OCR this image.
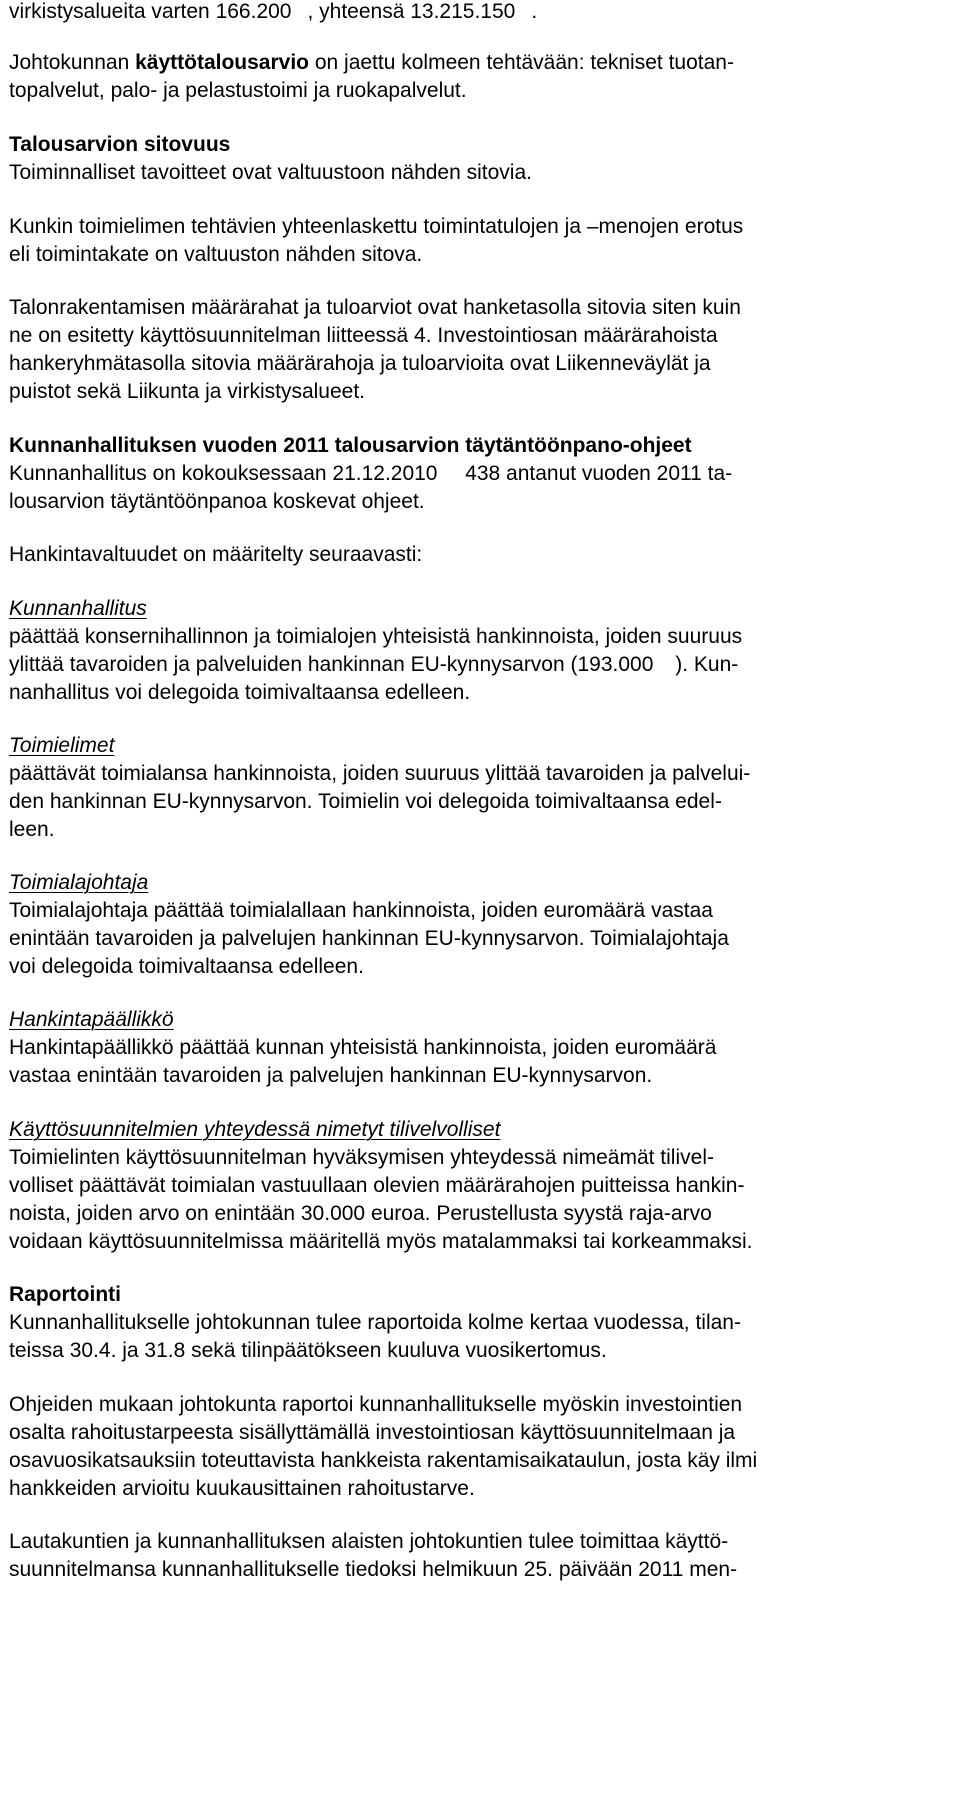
virkistysalueita varten 166.200 , yhteensä 13.215.150 .
Johtokunnan käyttötalousarvio on jaettu kolmeen tehtävään: tekniset tuotan-
topalvelut, palo- ja pelastustoimi ja ruokapalvelut.
Talousarvion sitovuus
Toiminnalliset tavoitteet ovat valtuustoon nähden sitovia.
Kunkin toimielimen tehtävien yhteenlaskettu toimintatulojen ja –menojen erotus
eli toimintakate on valtuuston nähden sitova.
Talonrakentamisen määrärahat ja tuloarviot ovat hanketasolla sitovia siten kuin
ne on esitetty käyttösuunnitelman liitteessä 4. Investointiosan määrärahoista
hankeryhmätasolla sitovia määrärahoja ja tuloarvioita ovat Liikenneväylät ja
puistot sekä Liikunta ja virkistysalueet.
Kunnanhallituksen vuoden 2011 talousarvion täytäntöönpano-ohjeet
Kunnanhallitus on kokouksessaan 21.12.2010  438 antanut vuoden 2011 ta-
lousarvion täytäntöönpanoa koskevat ohjeet.
Hankintavaltuudet on määritelty seuraavasti:
Kunnanhallitus
päättää konsernihallinnon ja toimialojen yhteisistä hankinnoista, joiden suuruus
ylittää tavaroiden ja palveluiden hankinnan EU-kynnysarvon (193.000 ). Kun-
nanhallitus voi delegoida toimivaltaansa edelleen.
Toimielimet
päättävät toimialansa hankinnoista, joiden suuruus ylittää tavaroiden ja palvelui-
den hankinnan EU-kynnysarvon. Toimielin voi delegoida toimivaltaansa edel-
leen.
Toimialajohtaja
Toimialajohtaja päättää toimialallaan hankinnoista, joiden euromäärä vastaa
enintään tavaroiden ja palvelujen hankinnan EU-kynnysarvon. Toimialajohtaja
voi delegoida toimivaltaansa edelleen.
Hankintapäällikkö
Hankintapäällikkö päättää kunnan yhteisistä hankinnoista, joiden euromäärä
vastaa enintään tavaroiden ja palvelujen hankinnan EU-kynnysarvon.
Käyttösuunnitelmien yhteydessä nimetyt tilivelvolliset
Toimielinten käyttösuunnitelman hyväksymisen yhteydessä nimeämät tilivel-
volliset päättävät toimialan vastuullaan olevien määrärahojen puitteissa hankin-
noista, joiden arvo on enintään 30.000 euroa. Perustellusta syystä raja-arvo
voidaan käyttösuunnitelmissa määritellä myös matalammaksi tai korkeammaksi.
Raportointi
Kunnanhallitukselle johtokunnan tulee raportoida kolme kertaa vuodessa, tilan-
teissa 30.4. ja 31.8 sekä tilinpäätökseen kuuluva vuosikertomus.
Ohjeiden mukaan johtokunta raportoi kunnanhallitukselle myöskin investointien
osalta rahoitustarpeesta sisällyttämällä investointiosan käyttösuunnitelmaan ja
osavuosikatsauksiin toteuttavista hankkeista rakentamisaikataulun, josta käy ilmi
hankkeiden arvioitu kuukausittainen rahoitustarve.
Lautakuntien ja kunnanhallituksen alaisten johtokuntien tulee toimittaa käyttö-
suunnitelmansa kunnanhallitukselle tiedoksi helmikuun 25. päivään 2011 men-
